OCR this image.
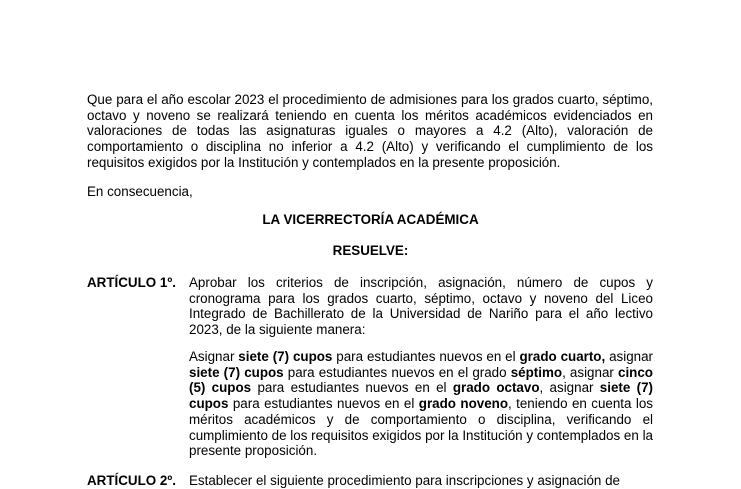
Que para el año escolar 2023 el procedimiento de admisiones para los grados cuarto, séptimo, octavo y noveno se realizará teniendo en cuenta los méritos académicos evidenciados en valoraciones de todas las asignaturas iguales o mayores a 4.2 (Alto), valoración de comportamiento o disciplina no inferior a 4.2 (Alto) y verificando el cumplimiento de los requisitos exigidos por la Institución y contemplados en la presente proposición.
En consecuencia,
LA VICERRECTORÍA ACADÉMICA
RESUELVE:
ARTÍCULO 1º. Aprobar los criterios de inscripción, asignación, número de cupos y cronograma para los grados cuarto, séptimo, octavo y noveno del Liceo Integrado de Bachillerato de la Universidad de Nariño para el año lectivo 2023, de la siguiente manera:
Asignar siete (7) cupos para estudiantes nuevos en el grado cuarto, asignar siete (7) cupos para estudiantes nuevos en el grado séptimo, asignar cinco (5) cupos para estudiantes nuevos en el grado octavo, asignar siete (7) cupos para estudiantes nuevos en el grado noveno, teniendo en cuenta los méritos académicos y de comportamiento o disciplina, verificando el cumplimiento de los requisitos exigidos por la Institución y contemplados en la presente proposición.
ARTÍCULO 2º. Establecer el siguiente procedimiento para inscripciones y asignación de
